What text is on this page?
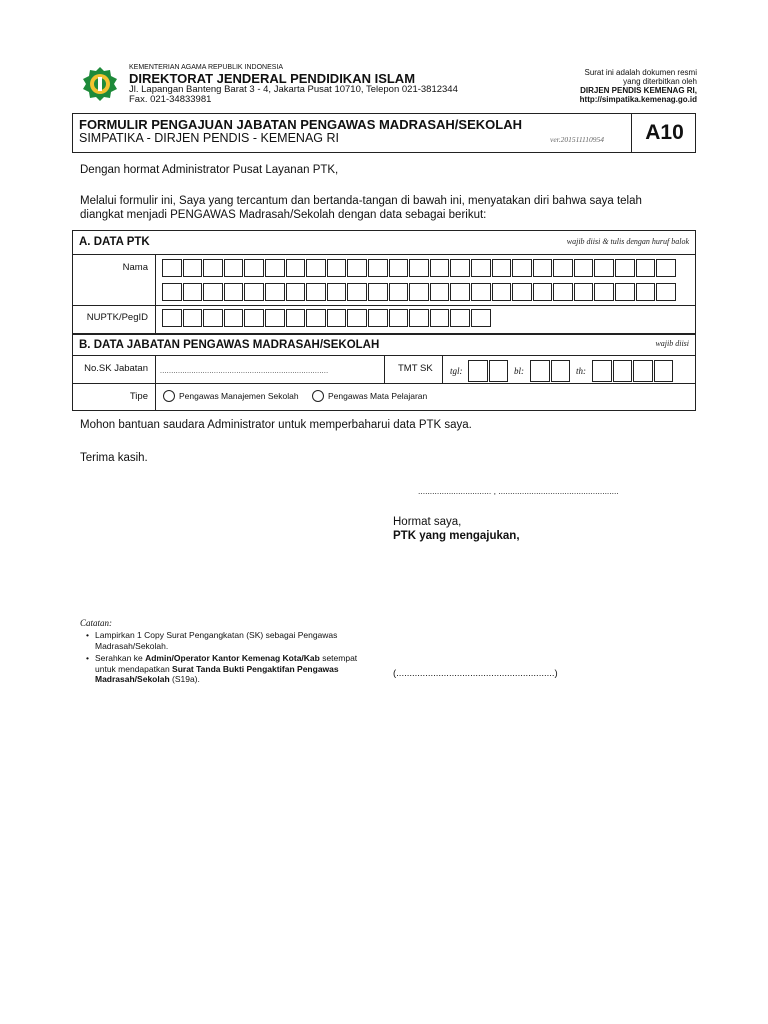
KEMENTERIAN AGAMA REPUBLIK INDONESIA
DIREKTORAT JENDERAL PENDIDIKAN ISLAM
Jl. Lapangan Banteng Barat 3 - 4, Jakarta Pusat 10710, Telepon 021-3812344
Fax. 021-34833981
Surat ini adalah dokumen resmi
yang diterbitkan oleh
DIRJEN PENDIS KEMENAG RI,
http://simpatika.kemenag.go.id
FORMULIR PENGAJUAN JABATAN PENGAWAS MADRASAH/SEKOLAH
SIMPATIKA - DIRJEN PENDIS - KEMENAG RI	ver.201511110954	A10
Dengan hormat Administrator Pusat Layanan PTK,
Melalui formulir ini, Saya yang tercantum dan bertanda-tangan di bawah ini, menyatakan diri bahwa saya telah
diangkat menjadi PENGAWAS Madrasah/Sekolah dengan data sebagai berikut:
A. DATA PTK	wajib diisi & tulis dengan huruf balok
Nama
NUPTK/PegID
B. DATA JABATAN PENGAWAS MADRASAH/SEKOLAH	wajib diisi
No.SK Jabatan ...........................................................................	TMT SK tgl:	bl:	th:
Tipe	Pengawas Manajemen Sekolah	Pengawas Mata Pelajaran
Mohon bantuan saudara Administrator untuk memperbaharui data PTK saya.
Terima kasih.
............................... , ...................................................
Hormat saya,
PTK yang mengajukan,
(............................................................)
Catatan:
• Lampirkan 1 Copy Surat Pengangkatan (SK) sebagai Pengawas Madrasah/Sekolah.
• Serahkan ke Admin/Operator Kantor Kemenag Kota/Kab setempat untuk mendapatkan Surat Tanda Bukti Pengaktifan Pengawas Madrasah/Sekolah (S19a).
